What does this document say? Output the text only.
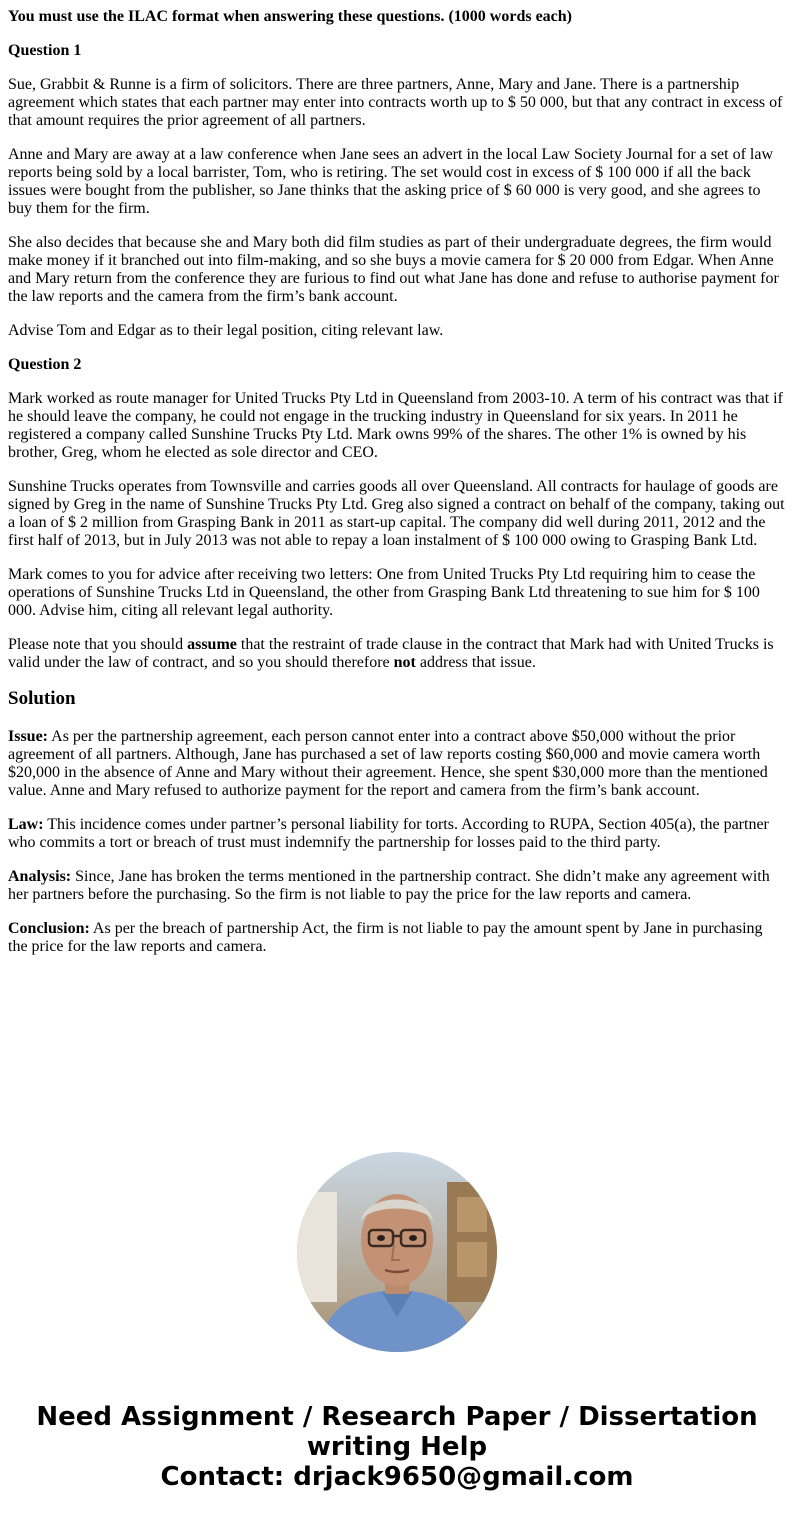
You must use the ILAC format when answering these questions. (1000 words each)

Question 1

Sue, Grabbit & Runne is a firm of solicitors. There are three partners, Anne, Mary and Jane. There is a partnership agreement which states that each partner may enter into contracts worth up to $ 50 000, but that any contract in excess of that amount requires the prior agreement of all partners.

Anne and Mary are away at a law conference when Jane sees an advert in the local Law Society Journal for a set of law reports being sold by a local barrister, Tom, who is retiring. The set would cost in excess of $ 100 000 if all the back issues were bought from the publisher, so Jane thinks that the asking price of $ 60 000 is very good, and she agrees to buy them for the firm.

She also decides that because she and Mary both did film studies as part of their undergraduate degrees, the firm would make money if it branched out into film-making, and so she buys a movie camera for $ 20 000 from Edgar. When Anne and Mary return from the conference they are furious to find out what Jane has done and refuse to authorise payment for the law reports and the camera from the firm’s bank account.

Advise Tom and Edgar as to their legal position, citing relevant law.

Question 2

Mark worked as route manager for United Trucks Pty Ltd in Queensland from 2003-10. A term of his contract was that if he should leave the company, he could not engage in the trucking industry in Queensland for six years. In 2011 he registered a company called Sunshine Trucks Pty Ltd. Mark owns 99% of the shares. The other 1% is owned by his brother, Greg, whom he elected as sole director and CEO.

Sunshine Trucks operates from Townsville and carries goods all over Queensland. All contracts for haulage of goods are signed by Greg in the name of Sunshine Trucks Pty Ltd. Greg also signed a contract on behalf of the company, taking out a loan of $ 2 million from Grasping Bank in 2011 as start-up capital. The company did well during 2011, 2012 and the first half of 2013, but in July 2013 was not able to repay a loan instalment of $ 100 000 owing to Grasping Bank Ltd.

Mark comes to you for advice after receiving two letters: One from United Trucks Pty Ltd requiring him to cease the operations of Sunshine Trucks Ltd in Queensland, the other from Grasping Bank Ltd threatening to sue him for $ 100 000. Advise him, citing all relevant legal authority.

Please note that you should assume that the restraint of trade clause in the contract that Mark had with United Trucks is valid under the law of contract, and so you should therefore not address that issue.

Solution

Issue: As per the partnership agreement, each person cannot enter into a contract above $50,000 without the prior agreement of all partners. Although, Jane has purchased a set of law reports costing $60,000 and movie camera worth $20,000 in the absence of Anne and Mary without their agreement. Hence, she spent $30,000 more than the mentioned value. Anne and Mary refused to authorize payment for the report and camera from the firm’s bank account.

Law: This incidence comes under partner’s personal liability for torts. According to RUPA, Section 405(a), the partner who commits a tort or breach of trust must indemnify the partnership for losses paid to the third party.

Analysis: Since, Jane has broken the terms mentioned in the partnership contract. She didn’t make any agreement with her partners before the purchasing. So the firm is not liable to pay the price for the law reports and camera.

Conclusion: As per the breach of partnership Act, the firm is not liable to pay the amount spent by Jane in purchasing the price for the law reports and camera.

Need Assignment / Research Paper / Dissertation
writing Help
Contact: drjack9650@gmail.com
